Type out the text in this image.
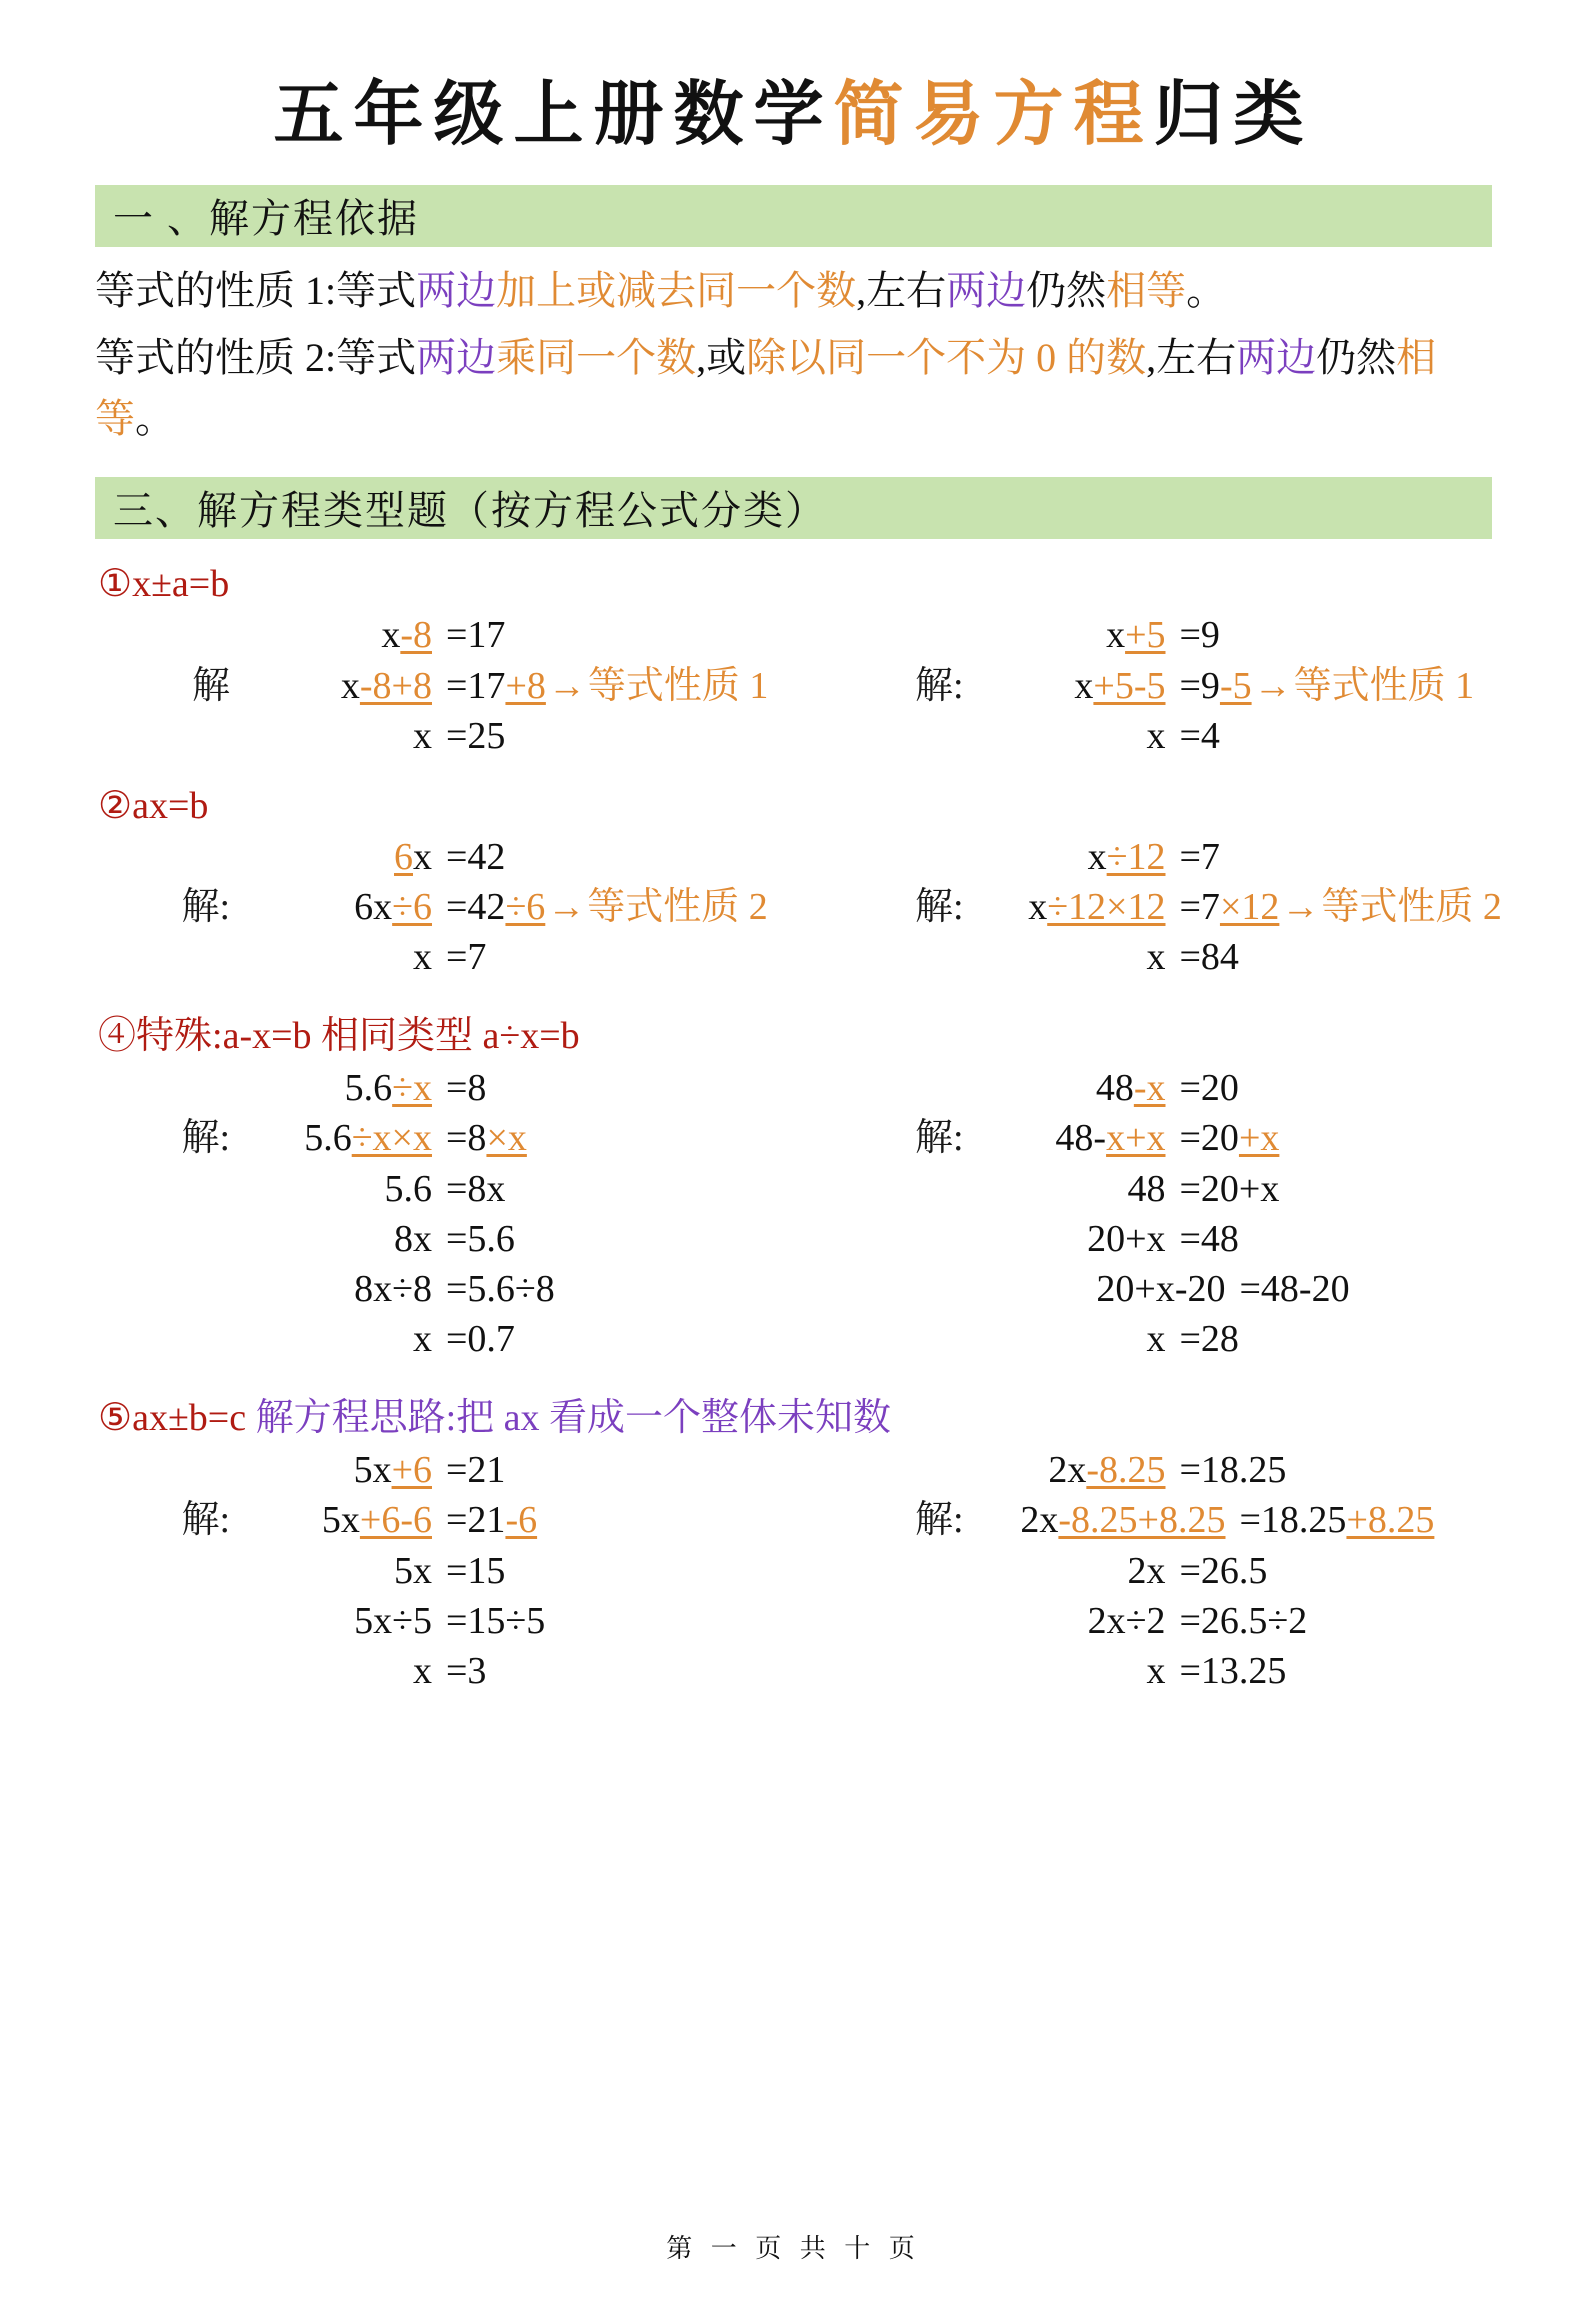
五年级上册数学简易方程归类
一 、解方程依据

等式的性质 1:等式两边加上或减去同一个数,左右两边仍然相等。

等式的性质 2:等式两边乘同一个数,或除以同一个不为 0 的数,左右两边仍然相等。

三、解方程类型题（按方程公式分类）
①x±a=b
x-8 =17
解	x-8+8 =17+8→等式性质 1
x =25
x+5 =9
解:	x+5-5 =9-5→等式性质 1
x =4
②ax=b
6x =42
解:	6x÷6 =42÷6→等式性质 2
x =7
x÷12 =7
解:	x÷12×12 =7×12→等式性质 2
x =84
④特殊:a-x=b 相同类型 a÷x=b
5.6÷x =8
解:	5.6÷x×x =8×x
5.6 =8x
8x =5.6
8x÷8 =5.6÷8
x =0.7
48-x =20
解:	48-x+x =20+x
48 =20+x
20+x =48
20+x-20 =48-20
x =28
⑤ax±b=c 解方程思路:把 ax 看成一个整体未知数
5x+6 =21
解:	5x+6-6 =21-6
5x =15
5x÷5 =15÷5
x =3
2x-8.25 =18.25
解:	2x-8.25+8.25 =18.25+8.25
2x =26.5
2x÷2 =26.5÷2
x =13.25
第 一 页 共 十 页
